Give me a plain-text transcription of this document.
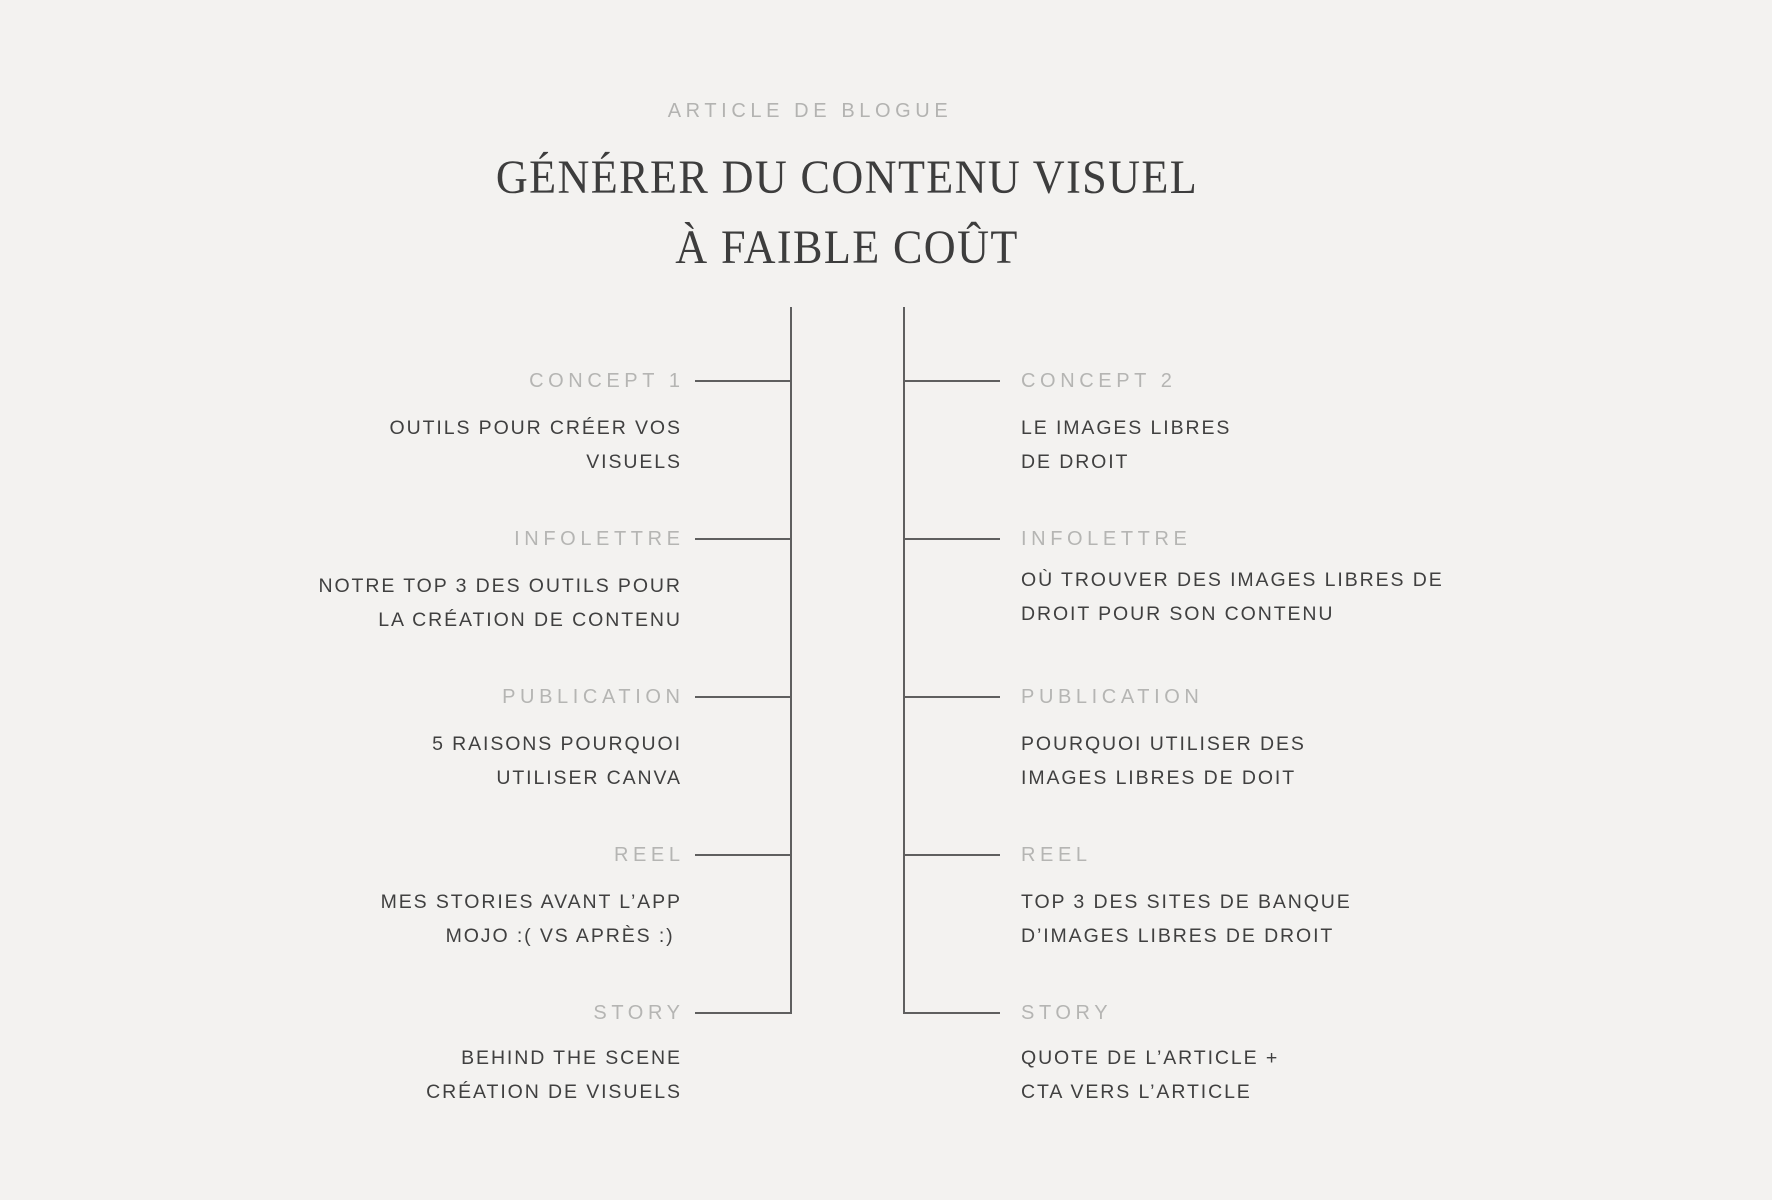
ARTICLE DE BLOGUE
GÉNÉRER DU CONTENU VISUEL
À FAIBLE COÛT
CONCEPT 1
OUTILS POUR CRÉER VOS
VISUELS
INFOLETTRE
NOTRE TOP 3 DES OUTILS POUR
LA CRÉATION DE CONTENU
PUBLICATION
5 RAISONS POURQUOI
UTILISER CANVA
REEL
MES STORIES AVANT L’APP
MOJO :( VS APRÈS :)
STORY
BEHIND THE SCENE
CRÉATION DE VISUELS
CONCEPT 2
LE IMAGES LIBRES
DE DROIT
INFOLETTRE
OÙ TROUVER DES IMAGES LIBRES DE
DROIT POUR SON CONTENU
PUBLICATION
POURQUOI UTILISER DES
IMAGES LIBRES DE DOIT
REEL
TOP 3 DES SITES DE BANQUE
D’IMAGES LIBRES DE DROIT
STORY
QUOTE DE L’ARTICLE +
CTA VERS L’ARTICLE
